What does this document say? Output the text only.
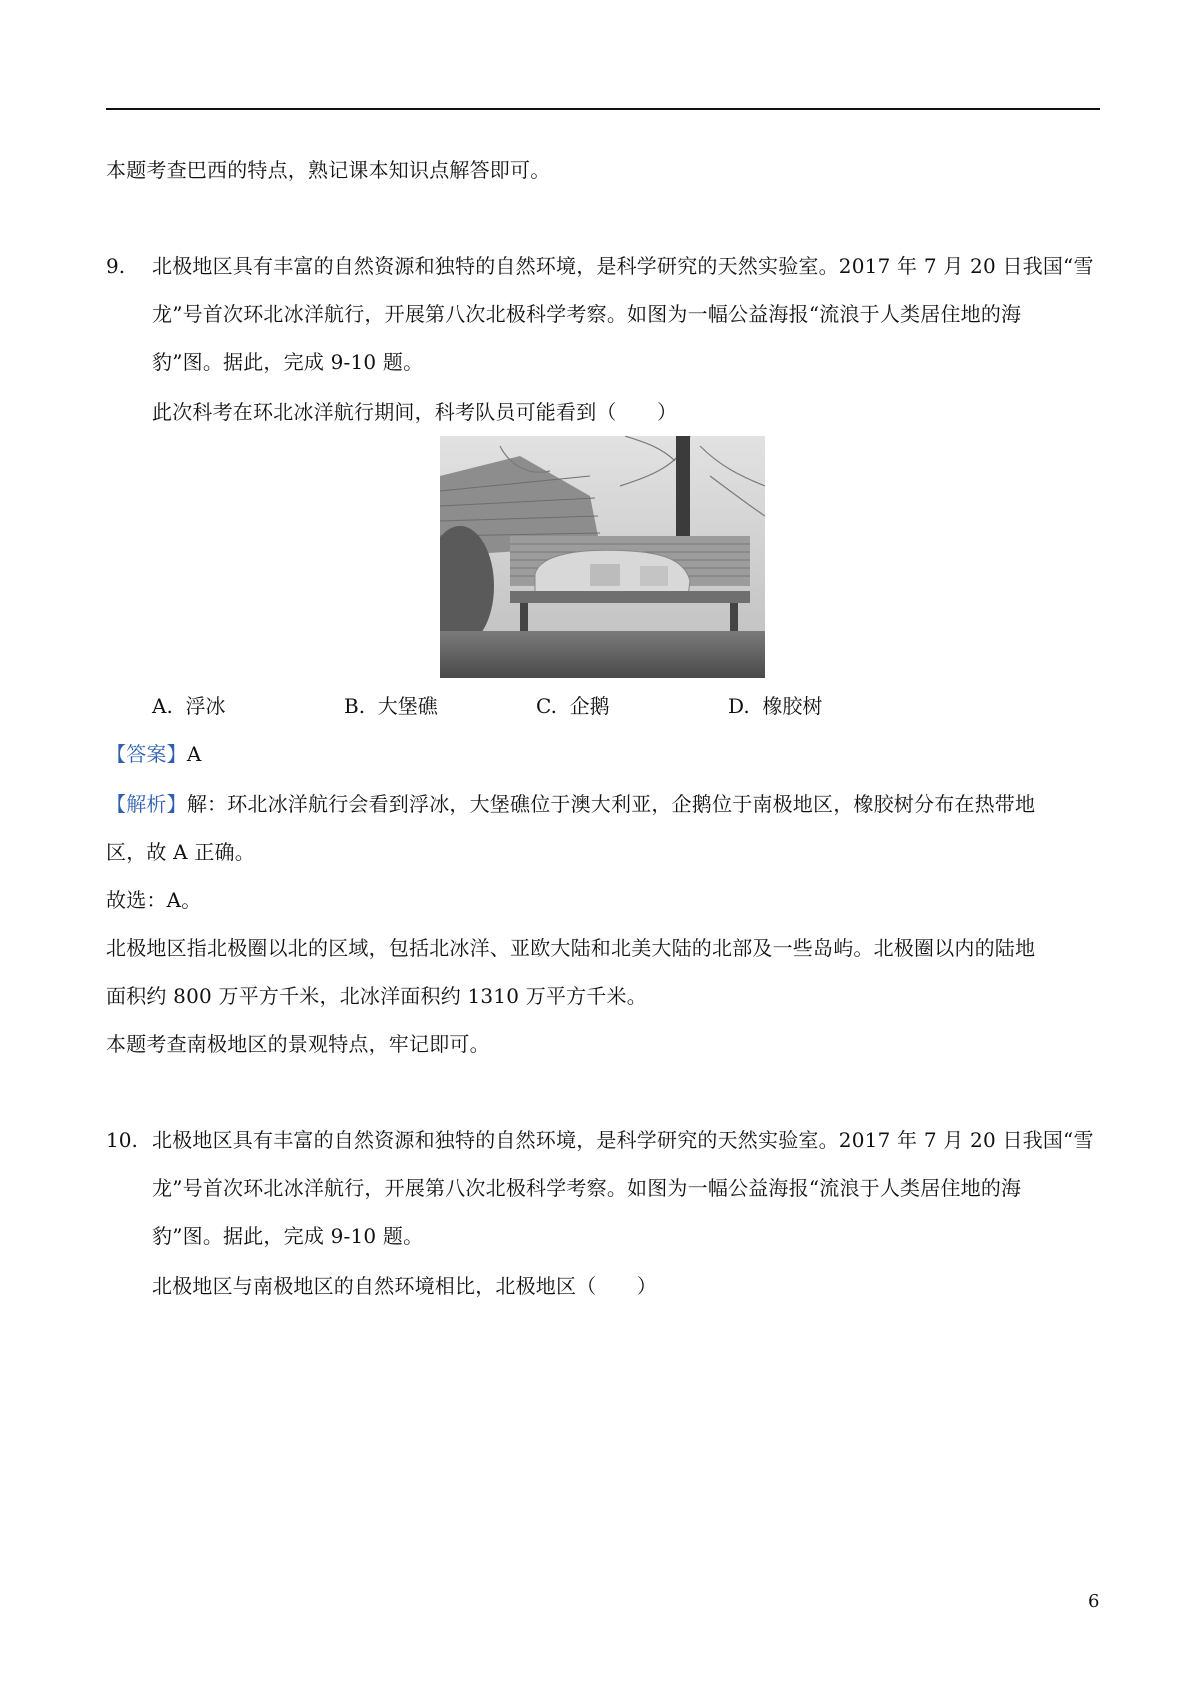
本题考查巴西的特点，熟记课本知识点解答即可。
9. 北极地区具有丰富的自然资源和独特的自然环境，是科学研究的天然实验室。2017 年 7 月 20 日我国“雪
龙”号首次环北冰洋航行，开展第八次北极科学考察。如图为一幅公益海报“流浪于人类居住地的海
豹”图。据此，完成 9-10 题。
此次科考在环北冰洋航行期间，科考队员可能看到（　　）
A. 浮冰	B. 大堡礁	C. 企鹅	D. 橡胶树
【答案】A
【解析】解：环北冰洋航行会看到浮冰，大堡礁位于澳大利亚，企鹅位于南极地区，橡胶树分布在热带地
区，故 A 正确。
故选：A。
北极地区指北极圈以北的区域，包括北冰洋、亚欧大陆和北美大陆的北部及一些岛屿。北极圈以内的陆地
面积约 800 万平方千米，北冰洋面积约 1310 万平方千米。
本题考查南极地区的景观特点，牢记即可。
10. 北极地区具有丰富的自然资源和独特的自然环境，是科学研究的天然实验室。2017 年 7 月 20 日我国“雪
龙”号首次环北冰洋航行，开展第八次北极科学考察。如图为一幅公益海报“流浪于人类居住地的海
豹”图。据此，完成 9-10 题。
北极地区与南极地区的自然环境相比，北极地区（　　）
6
